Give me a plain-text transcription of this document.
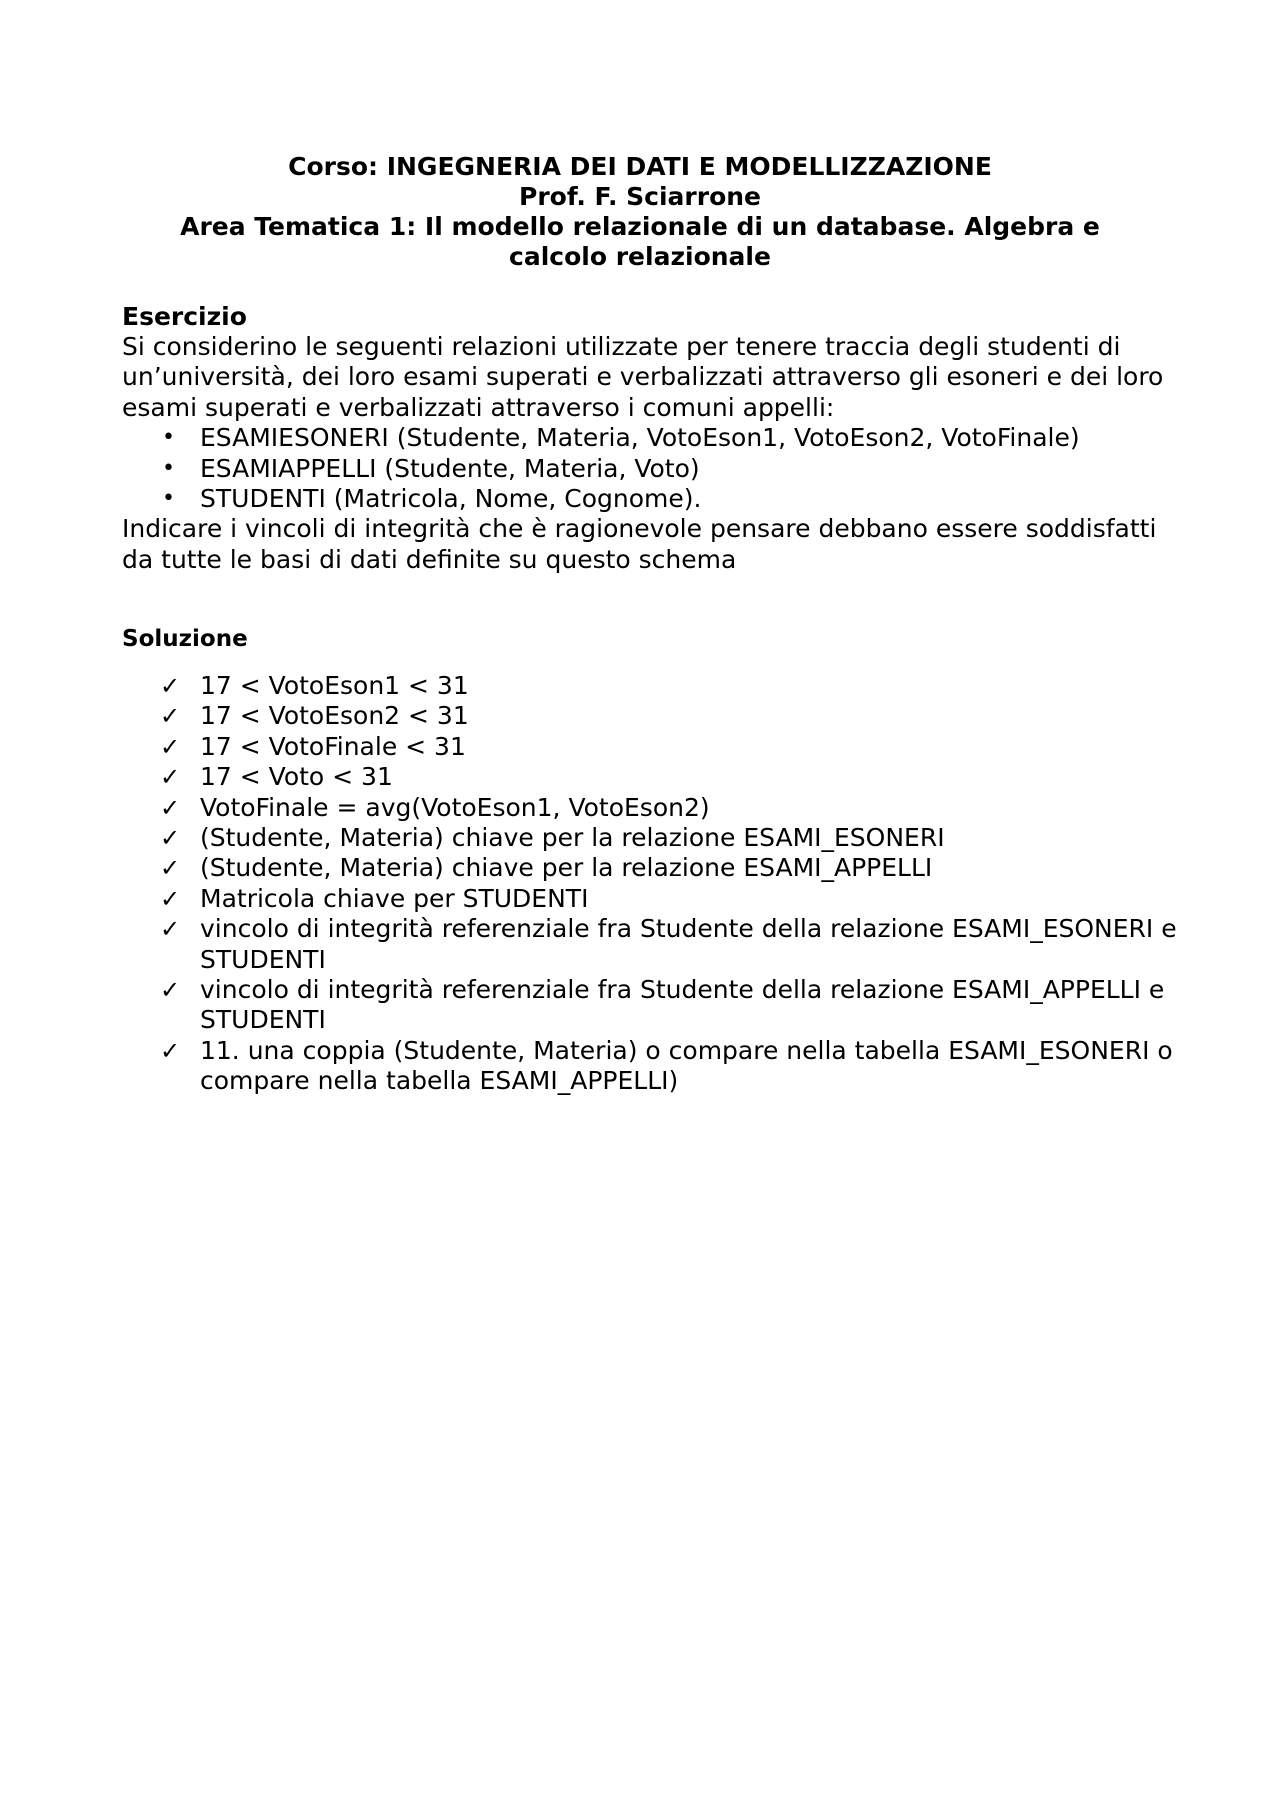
Corso: INGEGNERIA DEI DATI E MODELLIZZAZIONE
Prof. F. Sciarrone
Area Tematica 1: Il modello relazionale di un database. Algebra e
calcolo relazionale
Esercizio

Si considerino le seguenti relazioni utilizzate per tenere traccia degli studenti di un’università, dei loro esami superati e verbalizzati attraverso gli esoneri e dei loro esami superati e verbalizzati attraverso i comuni appelli:

• ESAMIESONERI (Studente, Materia, VotoEson1, VotoEson2, VotoFinale)
• ESAMIAPPELLI (Studente, Materia, Voto)
• STUDENTI (Matricola, Nome, Cognome).

Indicare i vincoli di integrità che è ragionevole pensare debbano essere soddisfatti da tutte le basi di dati definite su questo schema

Soluzione
✓ 17 < VotoEson1 < 31
✓ 17 < VotoEson2 < 31
✓ 17 < VotoFinale < 31
✓ 17 < Voto < 31
✓ VotoFinale = avg(VotoEson1, VotoEson2)
✓ (Studente, Materia) chiave per la relazione ESAMI_ESONERI
✓ (Studente, Materia) chiave per la relazione ESAMI_APPELLI
✓ Matricola chiave per STUDENTI
✓ vincolo di integrità referenziale fra Studente della relazione ESAMI_ESONERI e STUDENTI
✓ vincolo di integrità referenziale fra Studente della relazione ESAMI_APPELLI e STUDENTI
✓ 11. una coppia (Studente, Materia) o compare nella tabella ESAMI_ESONERI o compare nella tabella ESAMI_APPELLI)
